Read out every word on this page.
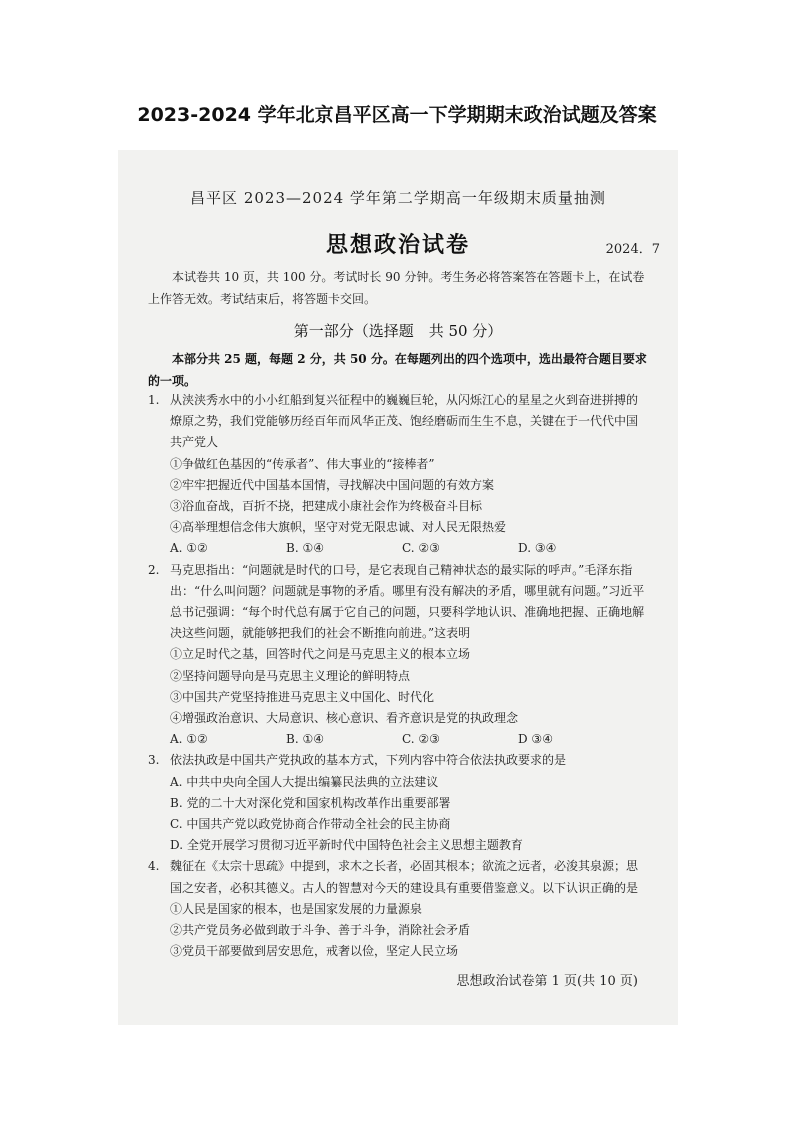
2023-2024 学年北京昌平区高一下学期期末政治试题及答案
昌平区 2023—2024 学年第二学期高一年级期末质量抽测
思想政治试卷	2024．7
本试卷共 10 页，共 100 分。考试时长 90 分钟。考生务必将答案答在答题卡上，在试卷上作答无效。考试结束后，将答题卡交回。
第一部分（选择题　共 50 分）
本部分共 25 题，每题 2 分，共 50 分。在每题列出的四个选项中，选出最符合题目要求的一项。
1. 从浃浃秀水中的小小红船到复兴征程中的巍巍巨轮，从闪烁江心的星星之火到奋进拼搏的燎原之势，我们党能够历经百年而风华正茂、饱经磨砺而生生不息，关键在于一代代中国共产党人
①争做红色基因的“传承者”、伟大事业的“接棒者”
②牢牢把握近代中国基本国情，寻找解决中国问题的有效方案
③浴血奋战，百折不挠，把建成小康社会作为终极奋斗目标
④高举理想信念伟大旗帜，坚守对党无限忠诚、对人民无限热爱
A. ①②	B. ①④	C. ②③	D. ③④
2. 马克思指出：“问题就是时代的口号，是它表现自己精神状态的最实际的呼声。”毛泽东指出：“什么叫问题？问题就是事物的矛盾。哪里有没有解决的矛盾，哪里就有问题。”习近平总书记强调：“每个时代总有属于它自己的问题，只要科学地认识、准确地把握、正确地解决这些问题，就能够把我们的社会不断推向前进。”这表明
①立足时代之基，回答时代之问是马克思主义的根本立场
②坚持问题导向是马克思主义理论的鲜明特点
③中国共产党坚持推进马克思主义中国化、时代化
④增强政治意识、大局意识、核心意识、看齐意识是党的执政理念
A. ①②	B. ①④	C. ②③	D ③④
3. 依法执政是中国共产党执政的基本方式，下列内容中符合依法执政要求的是
A. 中共中央向全国人大提出编纂民法典的立法建议
B. 党的二十大对深化党和国家机构改革作出重要部署
C. 中国共产党以政党协商合作带动全社会的民主协商
D. 全党开展学习贯彻习近平新时代中国特色社会主义思想主题教育
4. 魏征在《太宗十思疏》中提到，求木之长者，必固其根本；欲流之远者，必浚其泉源；思国之安者，必积其德义。古人的智慧对今天的建设具有重要借鉴意义。以下认识正确的是
①人民是国家的根本，也是国家发展的力量源泉
②共产党员务必做到敢于斗争、善于斗争，消除社会矛盾
③党员干部要做到居安思危，戒奢以俭，坚定人民立场
思想政治试卷第 1 页(共 10 页)
